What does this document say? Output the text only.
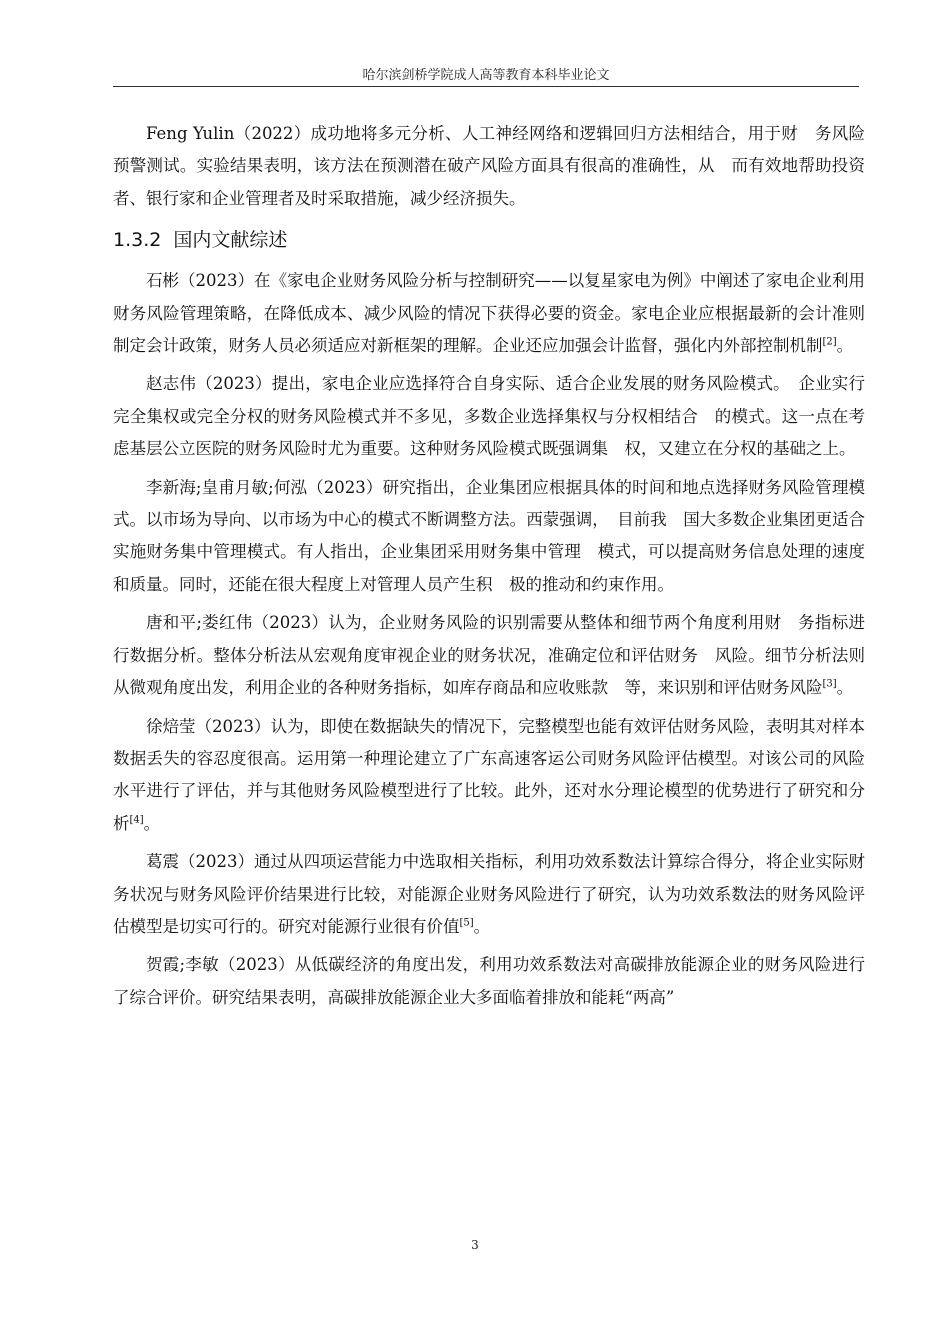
哈尔滨剑桥学院成人高等教育本科毕业论文

Feng Yulin（2022）成功地将多元分析、人工神经网络和逻辑回归方法相结合，用于财　务风险预警测试。实验结果表明，该方法在预测潜在破产风险方面具有很高的准确性，从　而有效地帮助投资者、银行家和企业管理者及时采取措施，减少经济损失。

1.3.2 国内文献综述

石彬（2023）在《家电企业财务风险分析与控制研究——以复星家电为例》中阐述了家电企业利用财务风险管理策略，在降低成本、减少风险的情况下获得必要的资金。家电企业应根据最新的会计准则制定会计政策，财务人员必须适应对新框架的理解。企业还应加强会计监督，强化内外部控制机制[2]。

赵志伟（2023）提出，家电企业应选择符合自身实际、适合企业发展的财务风险模式。　企业实行完全集权或完全分权的财务风险模式并不多见，多数企业选择集权与分权相结合　的模式。这一点在考虑基层公立医院的财务风险时尤为重要。这种财务风险模式既强调集　权，又建立在分权的基础之上。

李新海;皇甫月敏;何泓（2023）研究指出，企业集团应根据具体的时间和地点选择财务风险管理模式。以市场为导向、以市场为中心的模式不断调整方法。西蒙强调，　目前我　国大多数企业集团更适合实施财务集中管理模式。有人指出，企业集团采用财务集中管理　模式，可以提高财务信息处理的速度和质量。同时，还能在很大程度上对管理人员产生积　极的推动和约束作用。

唐和平;娄红伟（2023）认为，企业财务风险的识别需要从整体和细节两个角度利用财　务指标进行数据分析。整体分析法从宏观角度审视企业的财务状况，准确定位和评估财务　风险。细节分析法则从微观角度出发，利用企业的各种财务指标，如库存商品和应收账款　等，来识别和评估财务风险[3]。

徐焙莹（2023）认为，即使在数据缺失的情况下，完整模型也能有效评估财务风险，表明其对样本数据丢失的容忍度很高。运用第一种理论建立了广东高速客运公司财务风险评估模型。对该公司的风险水平进行了评估，并与其他财务风险模型进行了比较。此外，还对水分理论模型的优势进行了研究和分析[4]。

葛震（2023）通过从四项运营能力中选取相关指标，利用功效系数法计算综合得分，将企业实际财务状况与财务风险评价结果进行比较，对能源企业财务风险进行了研究，认为功效系数法的财务风险评估模型是切实可行的。研究对能源行业很有价值[5]。

贺霞;李敏（2023）从低碳经济的角度出发，利用功效系数法对高碳排放能源企业的财务风险进行了综合评价。研究结果表明，高碳排放能源企业大多面临着排放和能耗“两高”

3
